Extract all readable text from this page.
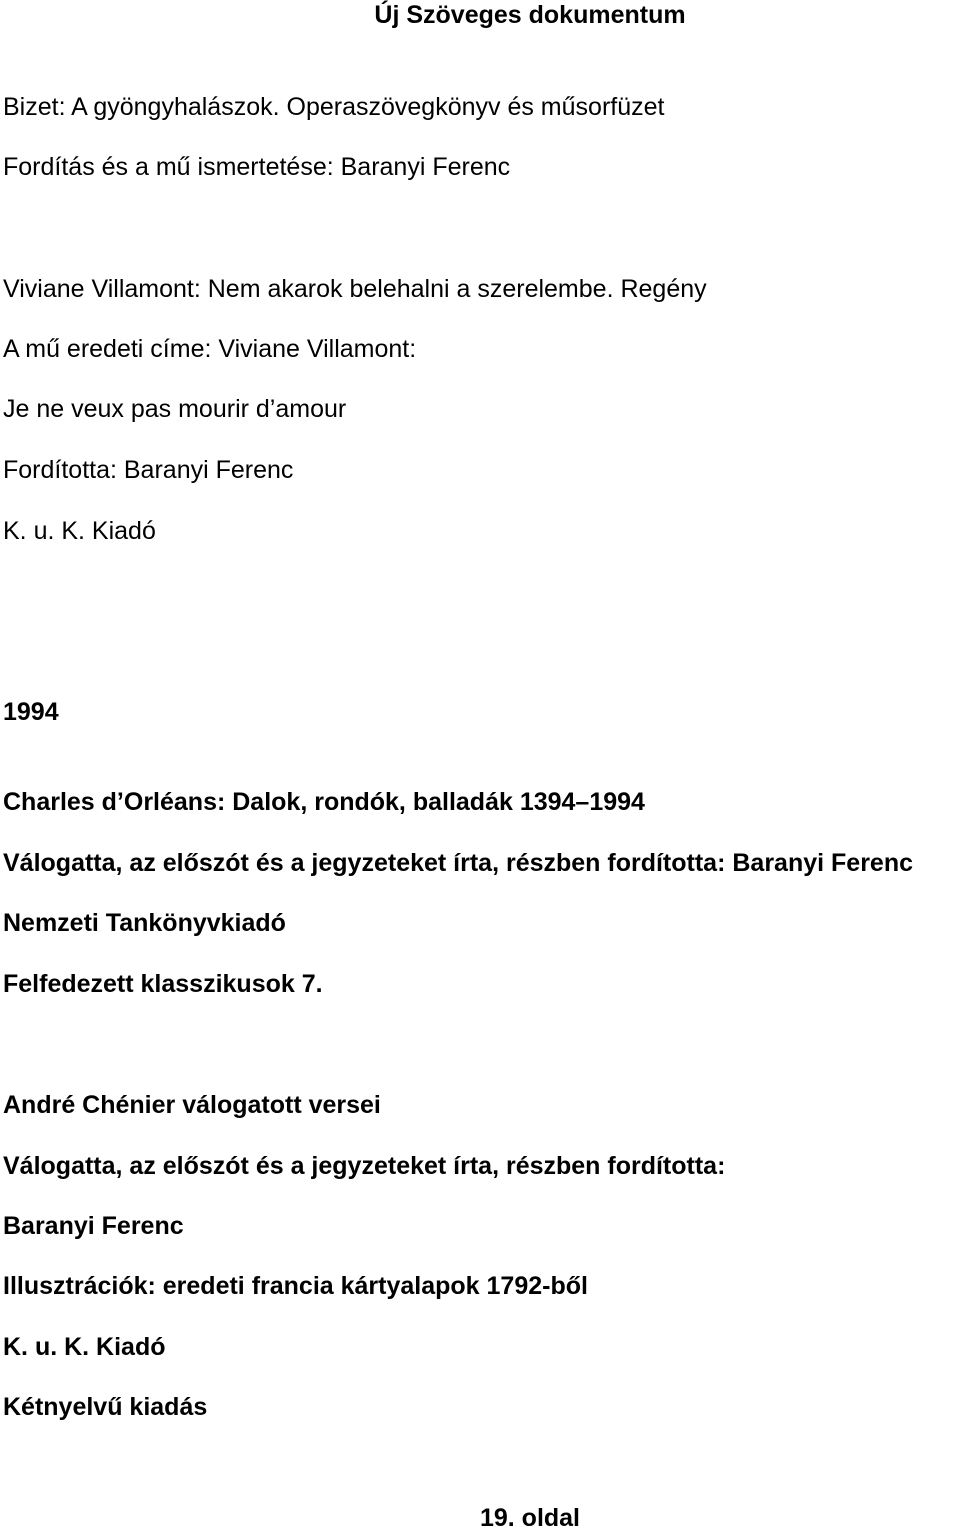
Új Szöveges dokumentum

Bizet: A gyöngyhalászok. Operaszövegkönyv és műsorfüzet

Fordítás és a mű ismertetése: Baranyi Ferenc

Viviane Villamont: Nem akarok belehalni a szerelembe. Regény

A mű eredeti címe: Viviane Villamont:

Je ne veux pas mourir d’amour

Fordította: Baranyi Ferenc

K. u. K. Kiadó

1994

Charles d’Orléans: Dalok, rondók, balladák 1394–1994

Válogatta, az előszót és a jegyzeteket írta, részben fordította: Baranyi Ferenc

Nemzeti Tankönyvkiadó

Felfedezett klasszikusok 7.

André Chénier válogatott versei

Válogatta, az előszót és a jegyzeteket írta, részben fordította:

Baranyi Ferenc

Illusztrációk: eredeti francia kártyalapok 1792-ből

K. u. K. Kiadó

Kétnyelvű kiadás

19. oldal
